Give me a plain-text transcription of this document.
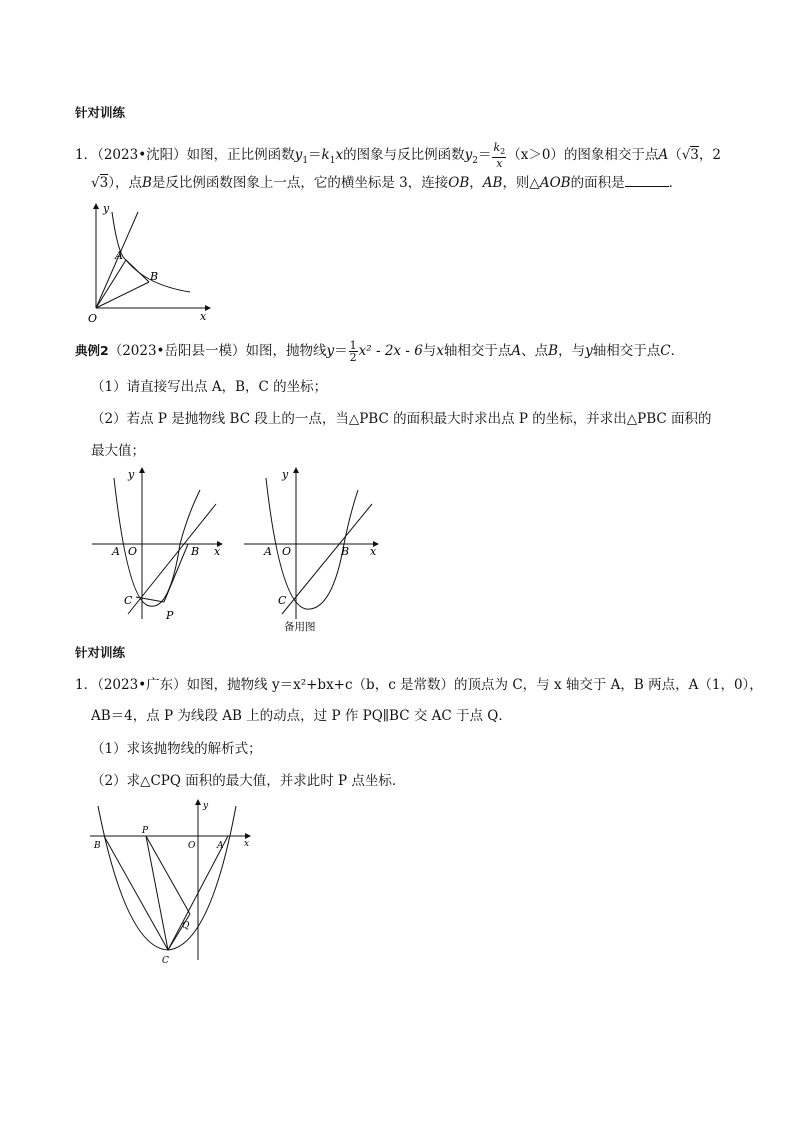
针对训练
1．（2023•沈阳）如图，正比例函数$y_1=k_1x$的图象与反比例函数$y_2= \frac{k_2}{x} (x>0)$的图象相交于点A（√3，2
√3），点B是反比例函数图象上一点，它的横坐标是 3，连接OB，AB，则△AOB的面积是	．
y
x
O
A
B
典例2（2023•岳阳县一模）如图，抛物线$y= \frac{1}{2} x^2 - 2x - 6$与x轴相交于点A、点B，与y轴相交于点C．
（1）请直接写出点 A，B，C 的坐标；
（2）若点 P 是抛物线 BC 段上的一点，当△PBC 的面积最大时求出点 P 的坐标，并求出△PBC 面积的
最大值；
y
x
A O	B
C
P
y
x
A O	B
C
备用图
针对训练
1．（2023•广东）如图，抛物线 y＝x²+bx+c（b，c 是常数）的顶点为 C，与 x 轴交于 A，B 两点，A（1，0），
AB＝4，点 P 为线段 AB 上的动点，过 P 作 PQ∥BC 交 AC 于点 Q．
（1）求该抛物线的解析式；
（2）求△CPQ 面积的最大值，并求此时 P 点坐标．
y
x
B
P
O A
Q
C
